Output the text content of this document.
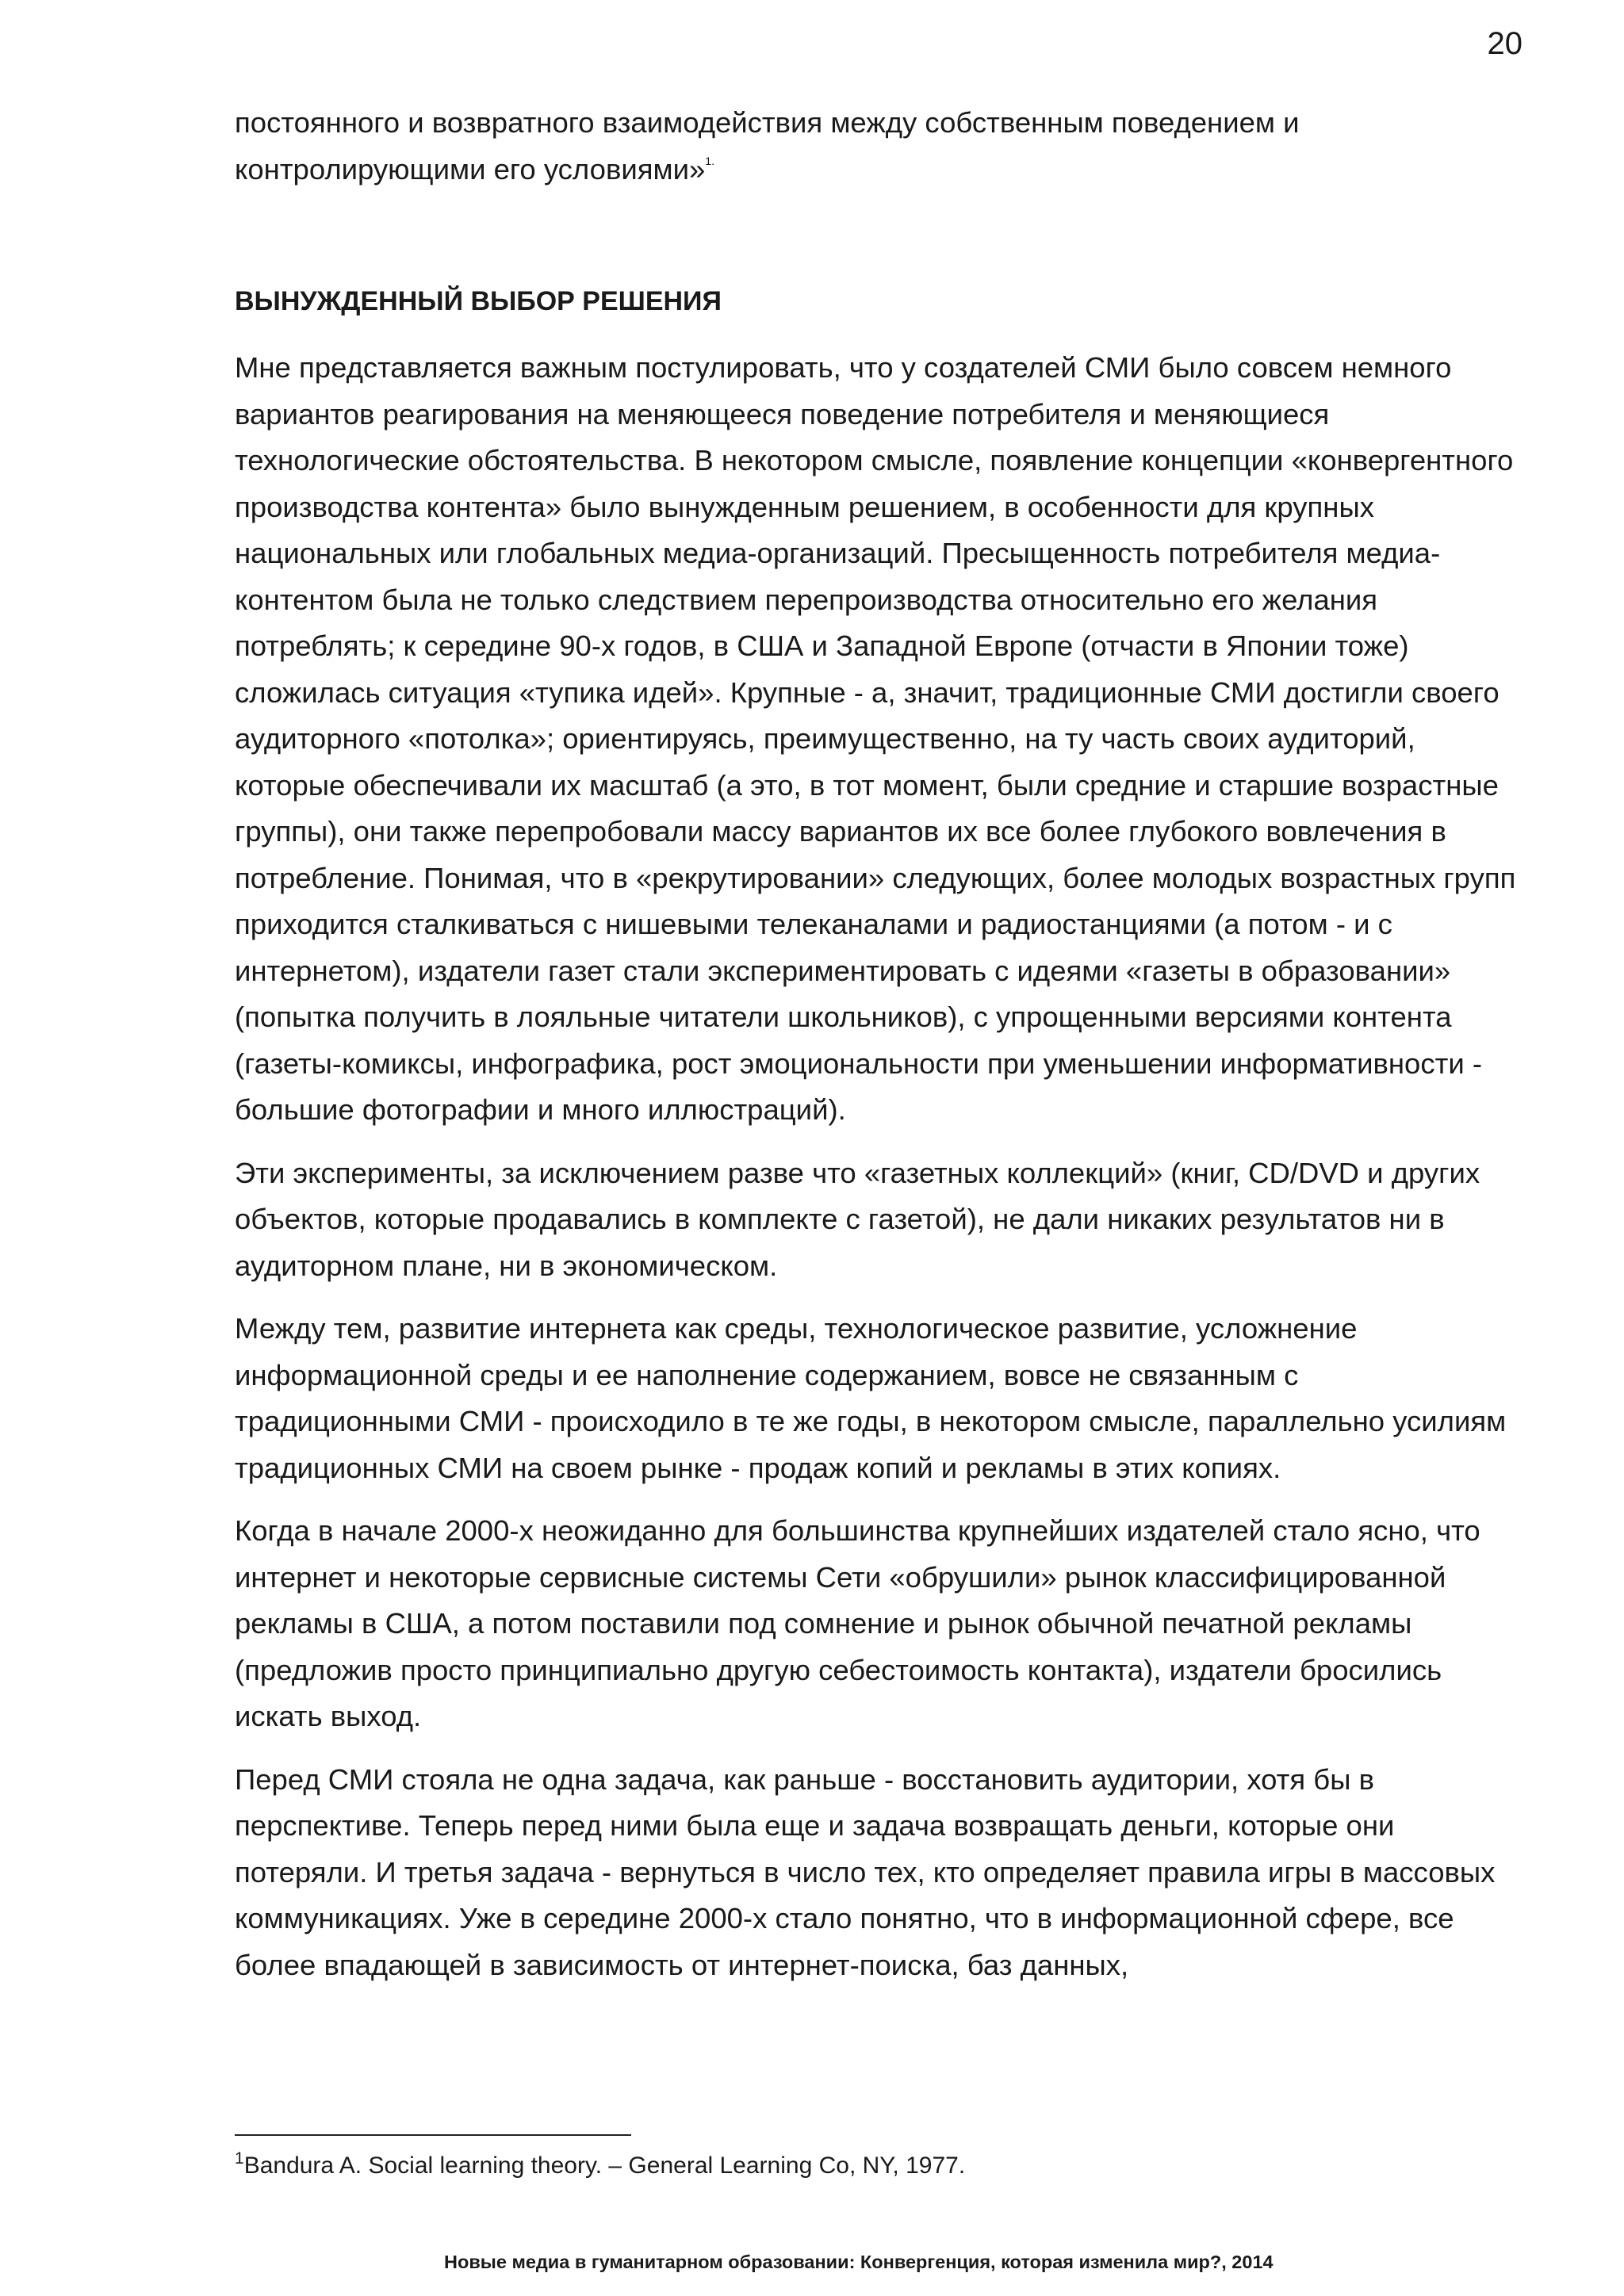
20

постоянного и возвратного взаимодействия между собственным поведением и контролирующими его условиями»$^{1.}$

ВЫНУЖДЕННЫЙ ВЫБОР РЕШЕНИЯ

Мне представляется важным постулировать, что у создателей СМИ было совсем немного вариантов реагирования на меняющееся поведение потребителя и меняющиеся технологические обстоятельства. В некотором смысле, появление концепции «конвергентного производства контента» было вынужденным решением, в особенности для крупных национальных или глобальных медиа-организаций. Пресыщенность потребителя медиа-контентом была не только следствием перепроизводства относительно его желания потреблять; к середине 90-х годов, в США и Западной Европе (отчасти в Японии тоже) сложилась ситуация «тупика идей». Крупные - а, значит, традиционные СМИ достигли своего аудиторного «потолка»; ориентируясь, преимущественно, на ту часть своих аудиторий, которые обеспечивали их масштаб (а это, в тот момент, были средние и старшие возрастные группы), они также перепробовали массу вариантов их все более глубокого вовлечения в потребление. Понимая, что в «рекрутировании» следующих, более молодых возрастных групп приходится сталкиваться с нишевыми телеканалами и радиостанциями (а потом - и с интернетом), издатели газет стали экспериментировать с идеями «газеты в образовании» (попытка получить в лояльные читатели школьников), с упрощенными версиями контента (газеты-комиксы, инфографика, рост эмоциональности при уменьшении информативности - большие фотографии и много иллюстраций).

Эти эксперименты, за исключением разве что «газетных коллекций» (книг, CD/DVD и других объектов, которые продавались в комплекте с газетой), не дали никаких результатов ни в аудиторном плане, ни в экономическом.

Между тем, развитие интернета как среды, технологическое развитие, усложнение информационной среды и ее наполнение содержанием, вовсе не связанным с традиционными СМИ - происходило в те же годы, в некотором смысле, параллельно усилиям традиционных СМИ на своем рынке - продаж копий и рекламы в этих копиях.

Когда в начале 2000-х неожиданно для большинства крупнейших издателей стало ясно, что интернет и некоторые сервисные системы Сети «обрушили» рынок классифицированной рекламы в США, а потом поставили под сомнение и рынок обычной печатной рекламы (предложив просто принципиально другую себестоимость контакта), издатели бросились искать выход.

Перед СМИ стояла не одна задача, как раньше - восстановить аудитории, хотя бы в перспективе. Теперь перед ними была еще и задача возвращать деньги, которые они потеряли. И третья задача - вернуться в число тех, кто определяет правила игры в массовых коммуникациях. Уже в середине 2000-х стало понятно, что в информационной сфере, все более впадающей в зависимость от интернет-поиска, баз данных,

$^1$Bandura A. Social learning theory. – General Learning Co, NY, 1977.
Новые медиа в гуманитарном образовании: Конвергенция, которая изменила мир?, 2014
